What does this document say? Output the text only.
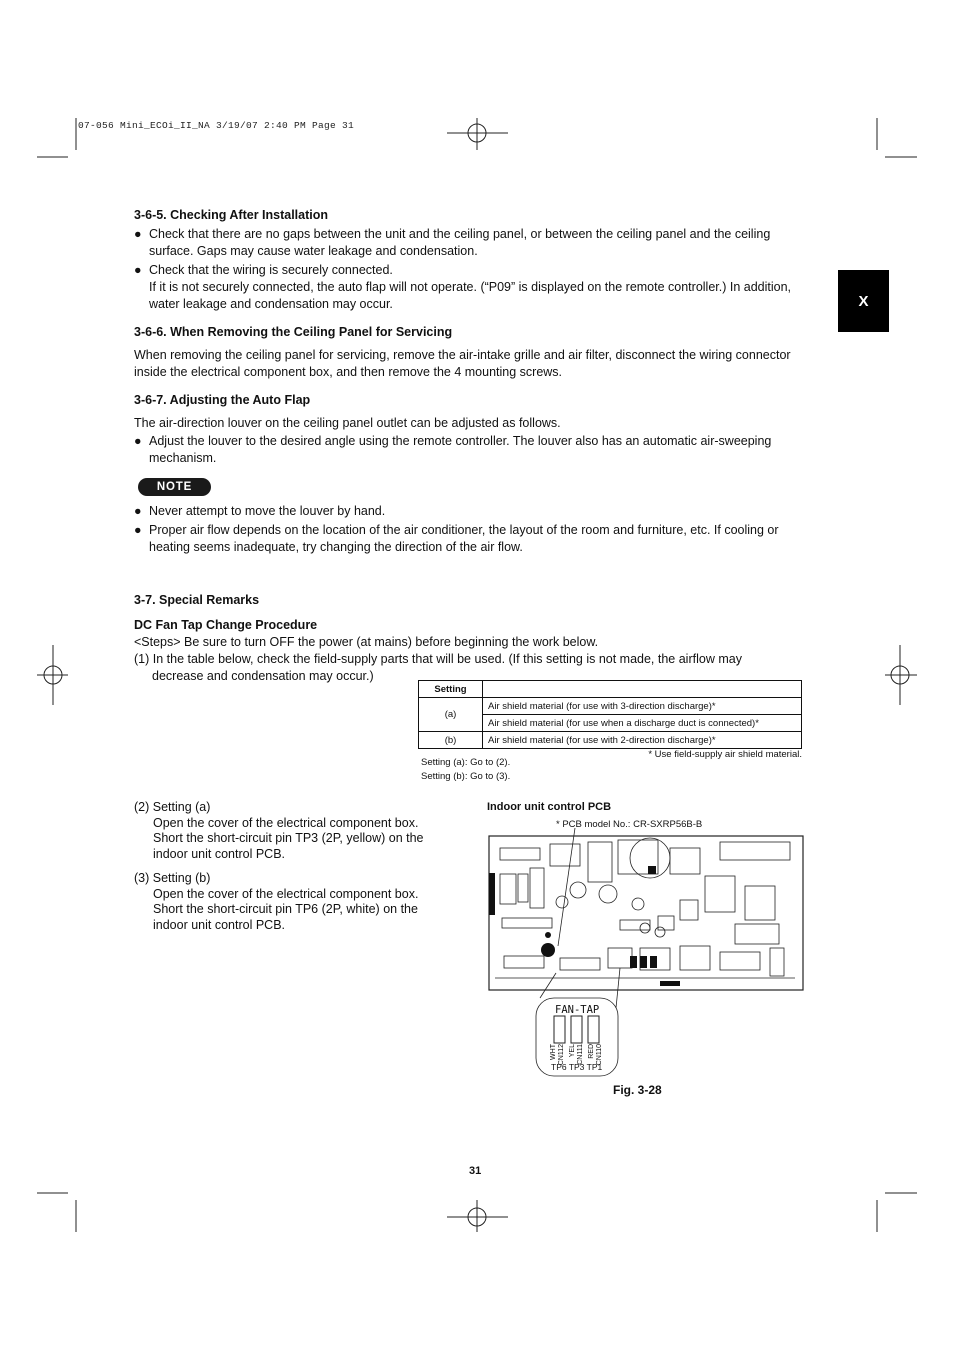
07-056 Mini_ECOi_II_NA 3/19/07 2:40 PM Page 31
X
3-6-5. Checking After Installation
● Check that there are no gaps between the unit and the ceiling panel, or between the ceiling panel and the ceiling
surface. Gaps may cause water leakage and condensation.
● Check that the wiring is securely connected.
If it is not securely connected, the auto flap will not operate. (“P09” is displayed on the remote controller.) In addition,
water leakage and condensation may occur.
3-6-6. When Removing the Ceiling Panel for Servicing
When removing the ceiling panel for servicing, remove the air-intake grille and air filter, disconnect the wiring connector
inside the electrical component box, and then remove the 4 mounting screws.
3-6-7. Adjusting the Auto Flap
The air-direction louver on the ceiling panel outlet can be adjusted as follows.
● Adjust the louver to the desired angle using the remote controller. The louver also has an automatic air-sweeping
mechanism.
NOTE
● Never attempt to move the louver by hand.
● Proper air flow depends on the location of the air conditioner, the layout of the room and furniture, etc. If cooling or
heating seems inadequate, try changing the direction of the air flow.
3-7. Special Remarks
DC Fan Tap Change Procedure
<Steps> Be sure to turn OFF the power (at mains) before beginning the work below.
(1) In the table below, check the field-supply parts that will be used. (If this setting is not made, the airflow may
decrease and condensation may occur.)
Setting	
(a)	Air shield material (for use with 3-direction discharge)*
	Air shield material (for use when a discharge duct is connected)*
(b)	Air shield material (for use with 2-direction discharge)*
* Use field-supply air shield material.
Setting (a): Go to (2).
Setting (b): Go to (3).
(2) Setting (a)
Open the cover of the electrical component box.
Short the short-circuit pin TP3 (2P, yellow) on the
indoor unit control PCB.
(3) Setting (b)
Open the cover of the electrical component box.
Short the short-circuit pin TP6 (2P, white) on the
indoor unit control PCB.
Indoor unit control PCB
* PCB model No.: CR-SXRP56B-B
FAN-TAP
WHT CN112 YEL CN111 RED CN110
TP6 TP3 TP1
Fig. 3-28
31
